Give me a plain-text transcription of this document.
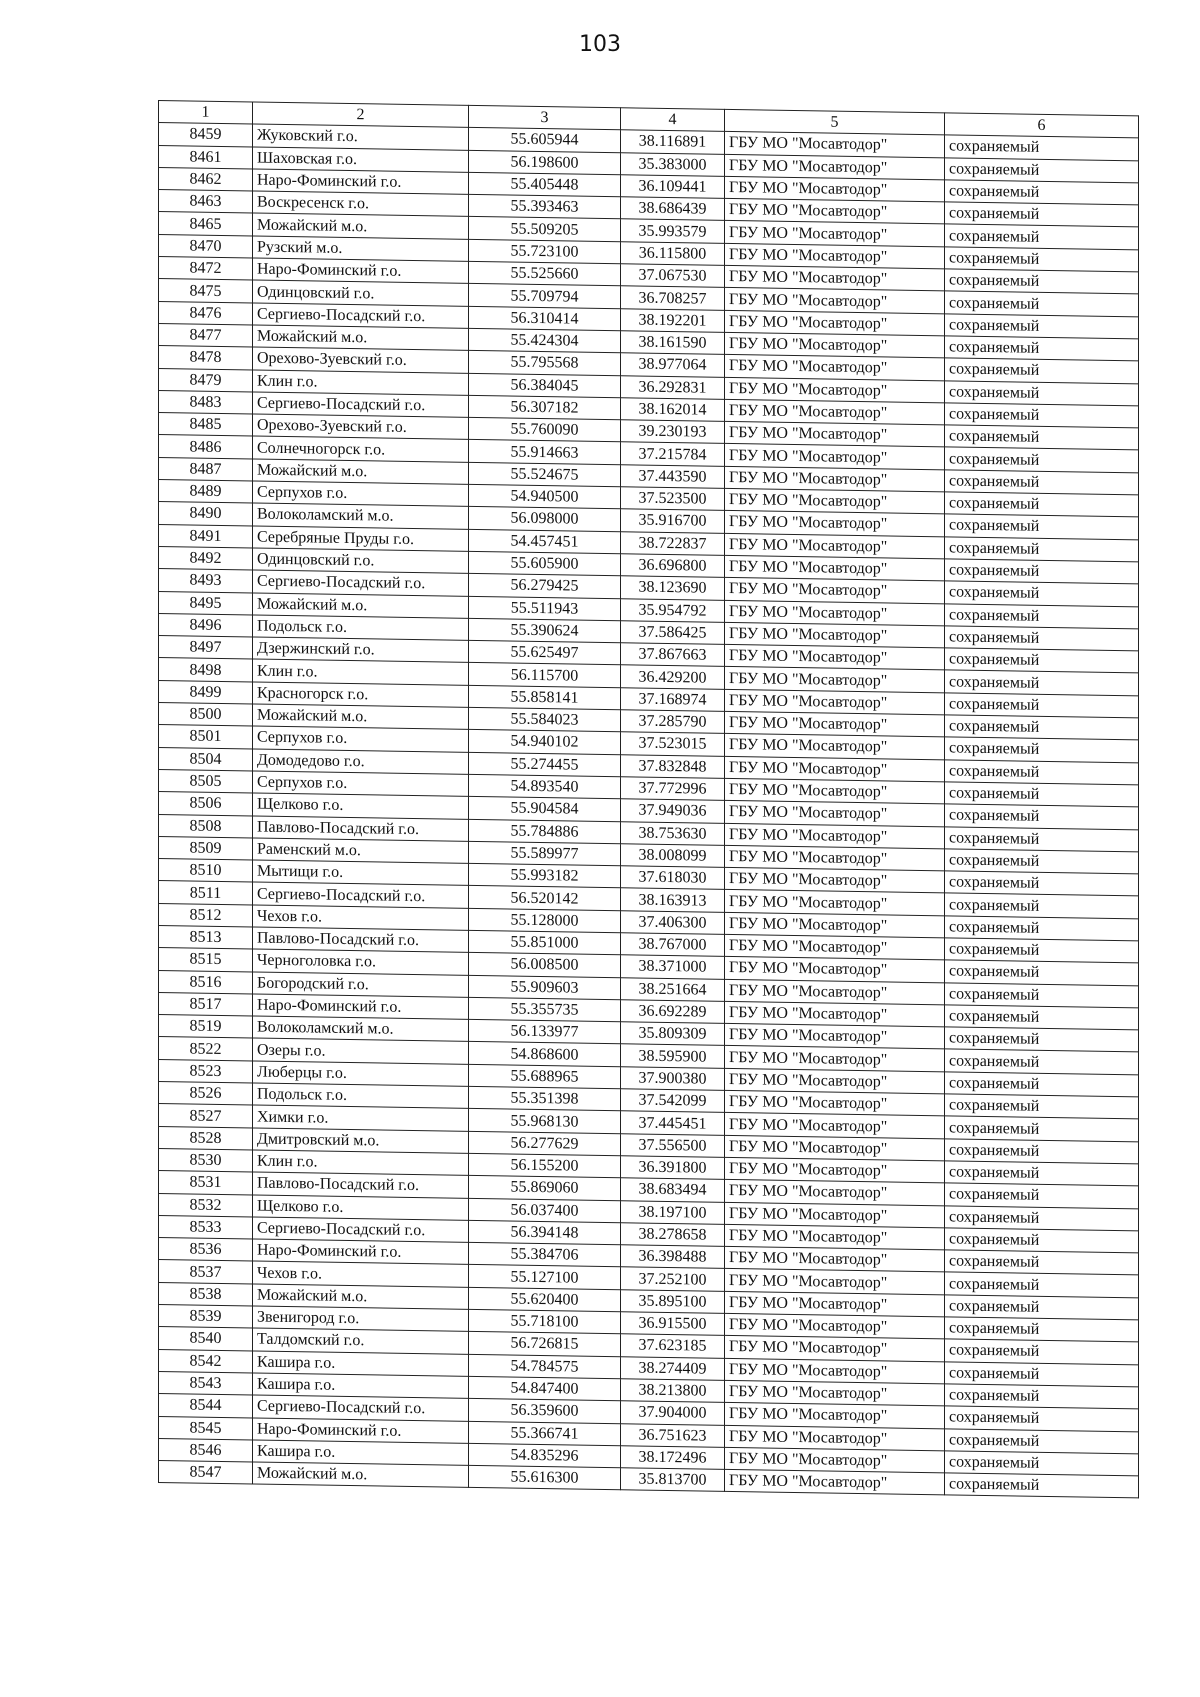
103
1	2	3	4	5	6
8459	Жуковский г.о.	55.605944	38.116891	ГБУ МО "Мосавтодор"	сохраняемый
8461	Шаховская г.о.	56.198600	35.383000	ГБУ МО "Мосавтодор"	сохраняемый
8462	Наро-Фоминский г.о.	55.405448	36.109441	ГБУ МО "Мосавтодор"	сохраняемый
8463	Воскресенск г.о.	55.393463	38.686439	ГБУ МО "Мосавтодор"	сохраняемый
8465	Можайский м.о.	55.509205	35.993579	ГБУ МО "Мосавтодор"	сохраняемый
8470	Рузский м.о.	55.723100	36.115800	ГБУ МО "Мосавтодор"	сохраняемый
8472	Наро-Фоминский г.о.	55.525660	37.067530	ГБУ МО "Мосавтодор"	сохраняемый
8475	Одинцовский г.о.	55.709794	36.708257	ГБУ МО "Мосавтодор"	сохраняемый
8476	Сергиево-Посадский г.о.	56.310414	38.192201	ГБУ МО "Мосавтодор"	сохраняемый
8477	Можайский м.о.	55.424304	38.161590	ГБУ МО "Мосавтодор"	сохраняемый
8478	Орехово-Зуевский г.о.	55.795568	38.977064	ГБУ МО "Мосавтодор"	сохраняемый
8479	Клин г.о.	56.384045	36.292831	ГБУ МО "Мосавтодор"	сохраняемый
8483	Сергиево-Посадский г.о.	56.307182	38.162014	ГБУ МО "Мосавтодор"	сохраняемый
8485	Орехово-Зуевский г.о.	55.760090	39.230193	ГБУ МО "Мосавтодор"	сохраняемый
8486	Солнечногорск г.о.	55.914663	37.215784	ГБУ МО "Мосавтодор"	сохраняемый
8487	Можайский м.о.	55.524675	37.443590	ГБУ МО "Мосавтодор"	сохраняемый
8489	Серпухов г.о.	54.940500	37.523500	ГБУ МО "Мосавтодор"	сохраняемый
8490	Волоколамский м.о.	56.098000	35.916700	ГБУ МО "Мосавтодор"	сохраняемый
8491	Серебряные Пруды г.о.	54.457451	38.722837	ГБУ МО "Мосавтодор"	сохраняемый
8492	Одинцовский г.о.	55.605900	36.696800	ГБУ МО "Мосавтодор"	сохраняемый
8493	Сергиево-Посадский г.о.	56.279425	38.123690	ГБУ МО "Мосавтодор"	сохраняемый
8495	Можайский м.о.	55.511943	35.954792	ГБУ МО "Мосавтодор"	сохраняемый
8496	Подольск г.о.	55.390624	37.586425	ГБУ МО "Мосавтодор"	сохраняемый
8497	Дзержинский г.о.	55.625497	37.867663	ГБУ МО "Мосавтодор"	сохраняемый
8498	Клин г.о.	56.115700	36.429200	ГБУ МО "Мосавтодор"	сохраняемый
8499	Красногорск г.о.	55.858141	37.168974	ГБУ МО "Мосавтодор"	сохраняемый
8500	Можайский м.о.	55.584023	37.285790	ГБУ МО "Мосавтодор"	сохраняемый
8501	Серпухов г.о.	54.940102	37.523015	ГБУ МО "Мосавтодор"	сохраняемый
8504	Домодедово г.о.	55.274455	37.832848	ГБУ МО "Мосавтодор"	сохраняемый
8505	Серпухов г.о.	54.893540	37.772996	ГБУ МО "Мосавтодор"	сохраняемый
8506	Щелково г.о.	55.904584	37.949036	ГБУ МО "Мосавтодор"	сохраняемый
8508	Павлово-Посадский г.о.	55.784886	38.753630	ГБУ МО "Мосавтодор"	сохраняемый
8509	Раменский м.о.	55.589977	38.008099	ГБУ МО "Мосавтодор"	сохраняемый
8510	Мытищи г.о.	55.993182	37.618030	ГБУ МО "Мосавтодор"	сохраняемый
8511	Сергиево-Посадский г.о.	56.520142	38.163913	ГБУ МО "Мосавтодор"	сохраняемый
8512	Чехов г.о.	55.128000	37.406300	ГБУ МО "Мосавтодор"	сохраняемый
8513	Павлово-Посадский г.о.	55.851000	38.767000	ГБУ МО "Мосавтодор"	сохраняемый
8515	Черноголовка г.о.	56.008500	38.371000	ГБУ МО "Мосавтодор"	сохраняемый
8516	Богородский г.о.	55.909603	38.251664	ГБУ МО "Мосавтодор"	сохраняемый
8517	Наро-Фоминский г.о.	55.355735	36.692289	ГБУ МО "Мосавтодор"	сохраняемый
8519	Волоколамский м.о.	56.133977	35.809309	ГБУ МО "Мосавтодор"	сохраняемый
8522	Озеры г.о.	54.868600	38.595900	ГБУ МО "Мосавтодор"	сохраняемый
8523	Люберцы г.о.	55.688965	37.900380	ГБУ МО "Мосавтодор"	сохраняемый
8526	Подольск г.о.	55.351398	37.542099	ГБУ МО "Мосавтодор"	сохраняемый
8527	Химки г.о.	55.968130	37.445451	ГБУ МО "Мосавтодор"	сохраняемый
8528	Дмитровский м.о.	56.277629	37.556500	ГБУ МО "Мосавтодор"	сохраняемый
8530	Клин г.о.	56.155200	36.391800	ГБУ МО "Мосавтодор"	сохраняемый
8531	Павлово-Посадский г.о.	55.869060	38.683494	ГБУ МО "Мосавтодор"	сохраняемый
8532	Щелково г.о.	56.037400	38.197100	ГБУ МО "Мосавтодор"	сохраняемый
8533	Сергиево-Посадский г.о.	56.394148	38.278658	ГБУ МО "Мосавтодор"	сохраняемый
8536	Наро-Фоминский г.о.	55.384706	36.398488	ГБУ МО "Мосавтодор"	сохраняемый
8537	Чехов г.о.	55.127100	37.252100	ГБУ МО "Мосавтодор"	сохраняемый
8538	Можайский м.о.	55.620400	35.895100	ГБУ МО "Мосавтодор"	сохраняемый
8539	Звенигород г.о.	55.718100	36.915500	ГБУ МО "Мосавтодор"	сохраняемый
8540	Талдомский г.о.	56.726815	37.623185	ГБУ МО "Мосавтодор"	сохраняемый
8542	Кашира г.о.	54.784575	38.274409	ГБУ МО "Мосавтодор"	сохраняемый
8543	Кашира г.о.	54.847400	38.213800	ГБУ МО "Мосавтодор"	сохраняемый
8544	Сергиево-Посадский г.о.	56.359600	37.904000	ГБУ МО "Мосавтодор"	сохраняемый
8545	Наро-Фоминский г.о.	55.366741	36.751623	ГБУ МО "Мосавтодор"	сохраняемый
8546	Кашира г.о.	54.835296	38.172496	ГБУ МО "Мосавтодор"	сохраняемый
8547	Можайский м.о.	55.616300	35.813700	ГБУ МО "Мосавтодор"	сохраняемый
